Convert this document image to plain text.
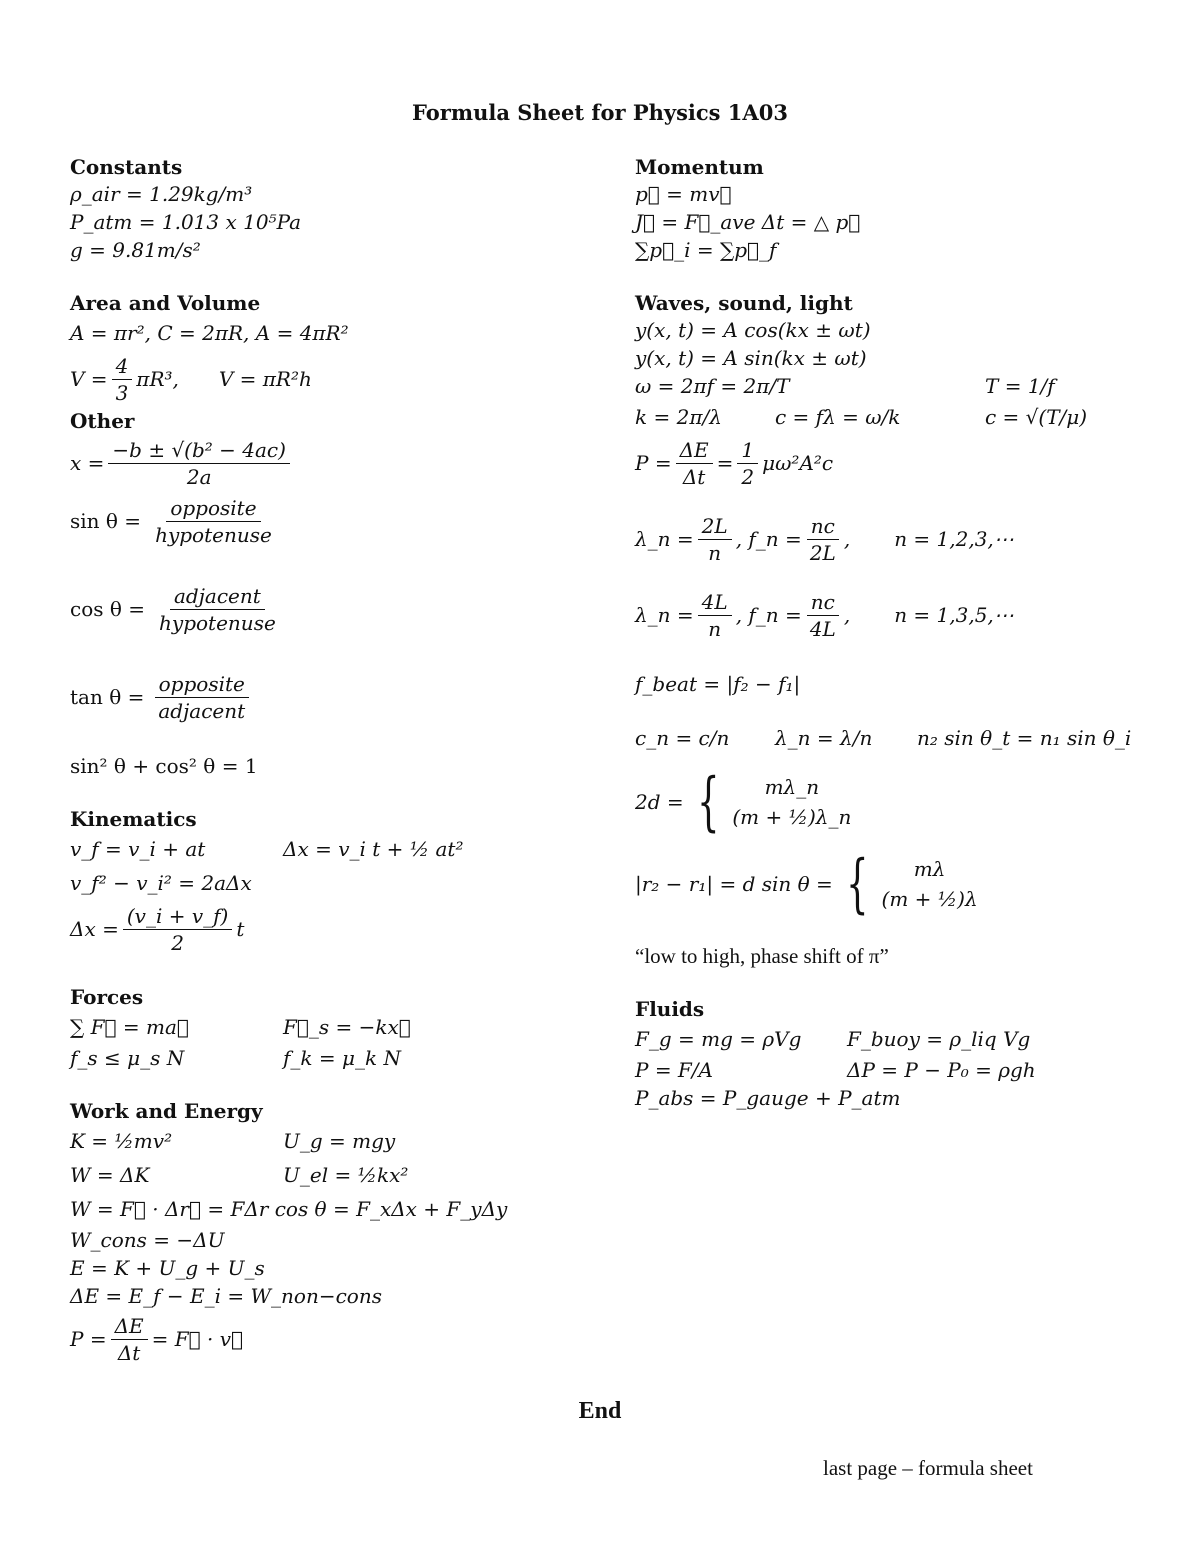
Formula Sheet for Physics 1A03
Constants
ρ_air = 1.29kg/m³
P_atm = 1.013 x 10⁵Pa
g = 9.81m/s²
Area and Volume
A = πr², C = 2πR, A = 4πR²
$V = \frac{4}{3} \pi R^3$, V = πR²h
Other
$x = \frac{\text{−b ± √(b² − 4ac)}}{2a}$
$\sin \theta = \frac{\text{opposite}}{\text{hypotenuse}}$
$\cos \theta = \frac{\text{adjacent}}{\text{hypotenuse}}$
$\tan \theta = \frac{\text{opposite}}{\text{adjacent}}$
sin² θ + cos² θ = 1
Kinematics
v_f = v_i + at	Δx = v_i t + ½ at²
v_f² − v_i² = 2aΔx
$\Delta x = \frac{(v\_i + v\_f)}{2}$ t
Forces
∑ F⃗ = ma⃗	F⃗_s = −kx⃗
f_s ≤ μ_s N	f_k = μ_k N
Work and Energy
K = ½mv²	U_g = mgy
W = ΔK	U_el = ½kx²
W = F⃗ · Δr⃗ = FΔr cos θ = F_xΔx + F_yΔy
W_cons = −ΔU
E = K + U_g + U_s
ΔE = E_f − E_i = W_non−cons
$P = \frac{\Delta E}{\Delta t}$ = F⃗ · v⃗
Momentum
p⃗ = mv⃗
J⃗ = F⃗_ave Δt = △ p⃗
∑p⃗_i = ∑p⃗_f
Waves, sound, light
y(x, t) = A cos(kx ± ωt)
y(x, t) = A sin(kx ± ωt)
ω = 2πf = 2π/T	T = 1/f
k = 2π/λ	c = fλ = ω/k	c = √(T/μ)
$P = \frac{\Delta E}{\Delta t} = \frac{1}{2} \mu\omega^2A^2c$
λ_n = $\frac{2L}{n}$ , f_n = $\frac{nc}{2L}$ , n = 1,2,3,⋯
λ_n = $\frac{4L}{n}$ , f_n = $\frac{nc}{4L}$ , n = 1,3,5,⋯
f_beat = |f₂ − f₁|
c_n = c/n	λ_n = λ/n	n₂ sin θ_t = n₁ sin θ_i
2d = { mλ_n
(m + ½)λ_n
|r₂ − r₁| = d sin θ = { mλ
(m + ½)λ
“low to high, phase shift of π”
Fluids
F_g = mg = ρVg	F_buoy = ρ_liq Vg
P = F/A	ΔP = P − P₀ = ρgh
P_abs = P_gauge + P_atm
End
last page – formula sheet
